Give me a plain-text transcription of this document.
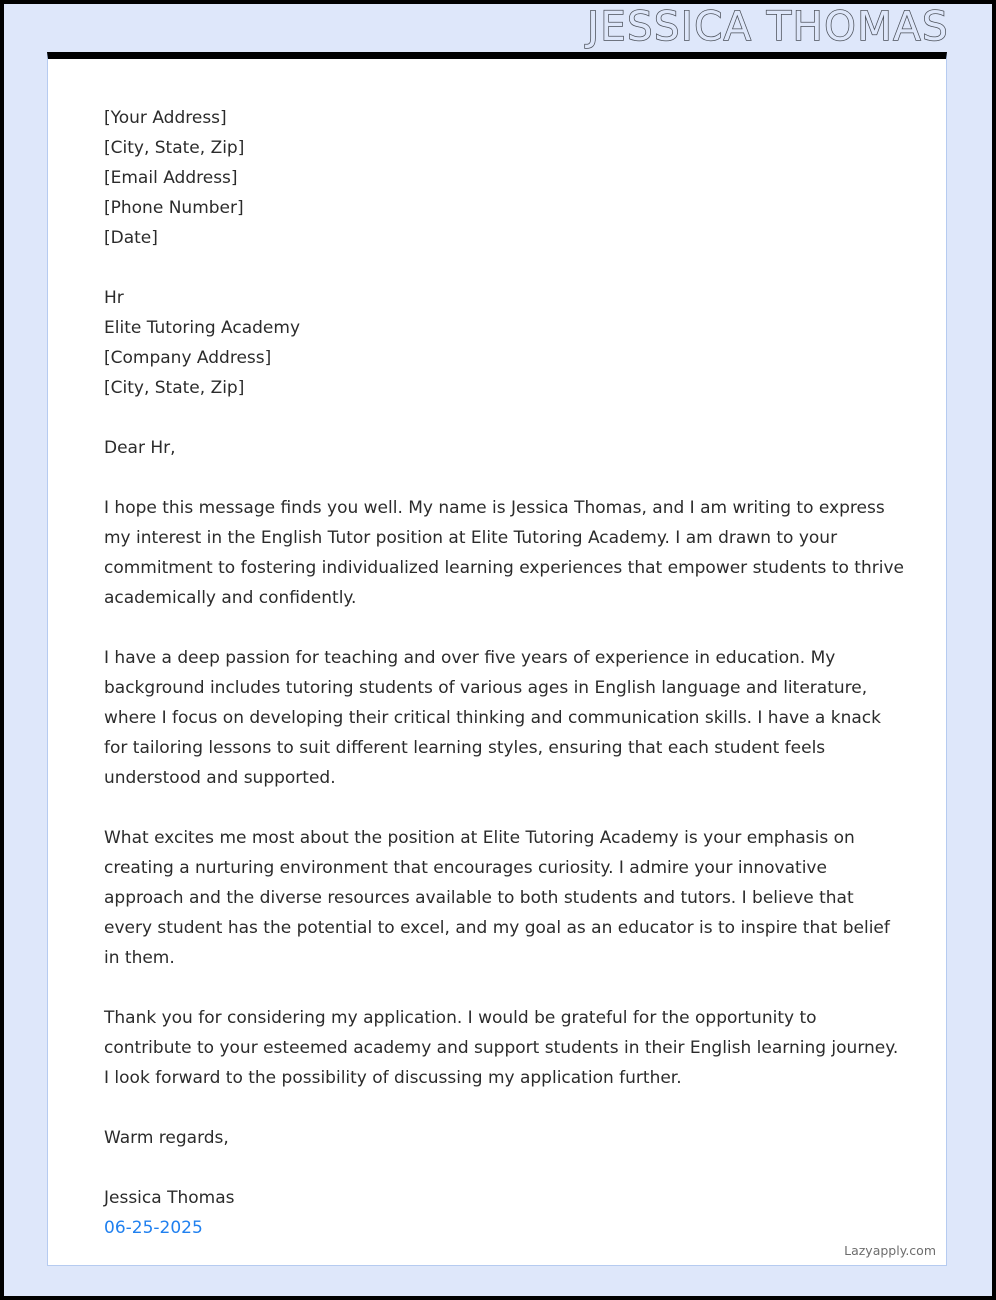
JESSICA THOMAS
[Your Address]
[City, State, Zip]
[Email Address]
[Phone Number]
[Date]
Hr
Elite Tutoring Academy
[Company Address]
[City, State, Zip]
Dear Hr,

I hope this message finds you well. My name is Jessica Thomas, and I am writing to express my interest in the English Tutor position at Elite Tutoring Academy. I am drawn to your commitment to fostering individualized learning experiences that empower students to thrive academically and confidently.

I have a deep passion for teaching and over five years of experience in education. My background includes tutoring students of various ages in English language and literature, where I focus on developing their critical thinking and communication skills. I have a knack for tailoring lessons to suit different learning styles, ensuring that each student feels understood and supported.

What excites me most about the position at Elite Tutoring Academy is your emphasis on creating a nurturing environment that encourages curiosity. I admire your innovative approach and the diverse resources available to both students and tutors. I believe that every student has the potential to excel, and my goal as an educator is to inspire that belief in them.

Thank you for considering my application. I would be grateful for the opportunity to contribute to your esteemed academy and support students in their English learning journey. I look forward to the possibility of discussing my application further.

Warm regards,
Jessica Thomas
06-25-2025
Lazyapply.com
